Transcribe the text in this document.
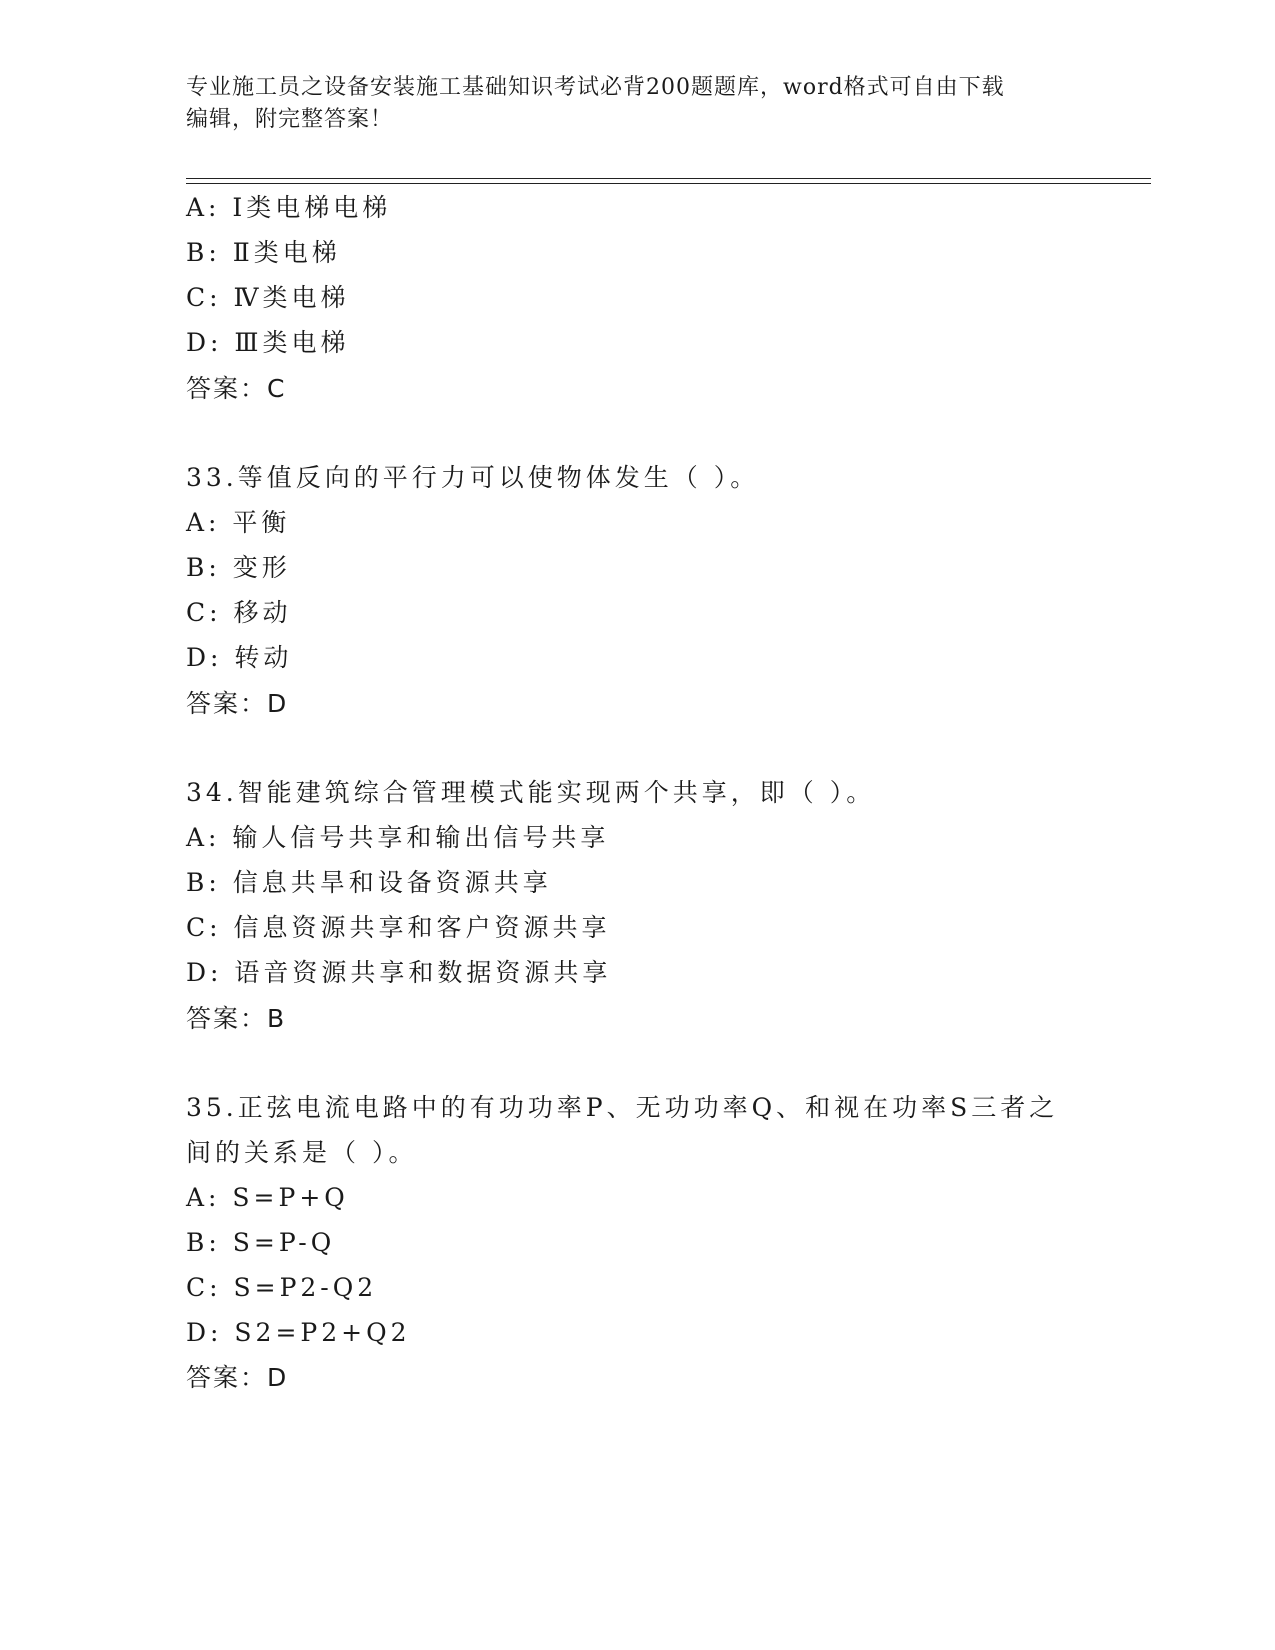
专业施工员之设备安装施工基础知识考试必背200题题库，word格式可自由下载
编辑，附完整答案！
A: Ⅰ类电梯电梯
B: Ⅱ类电梯
C: Ⅳ类电梯
D: Ⅲ类电梯
答案：C
33.等值反向的平行力可以使物体发生（ ）。
A: 平衡
B: 变形
C: 移动
D: 转动
答案：D
34.智能建筑综合管理模式能实现两个共享，即（ ）。
A: 输人信号共享和输出信号共享
B: 信息共旱和设备资源共享
C: 信息资源共享和客户资源共享
D: 语音资源共享和数据资源共享
答案：B
35.正弦电流电路中的有功功率P、无功功率Q、和视在功率S三者之
间的关系是（ ）。
A: S=P+Q
B: S=P-Q
C: S=P2-Q2
D: S2=P2+Q2
答案：D
